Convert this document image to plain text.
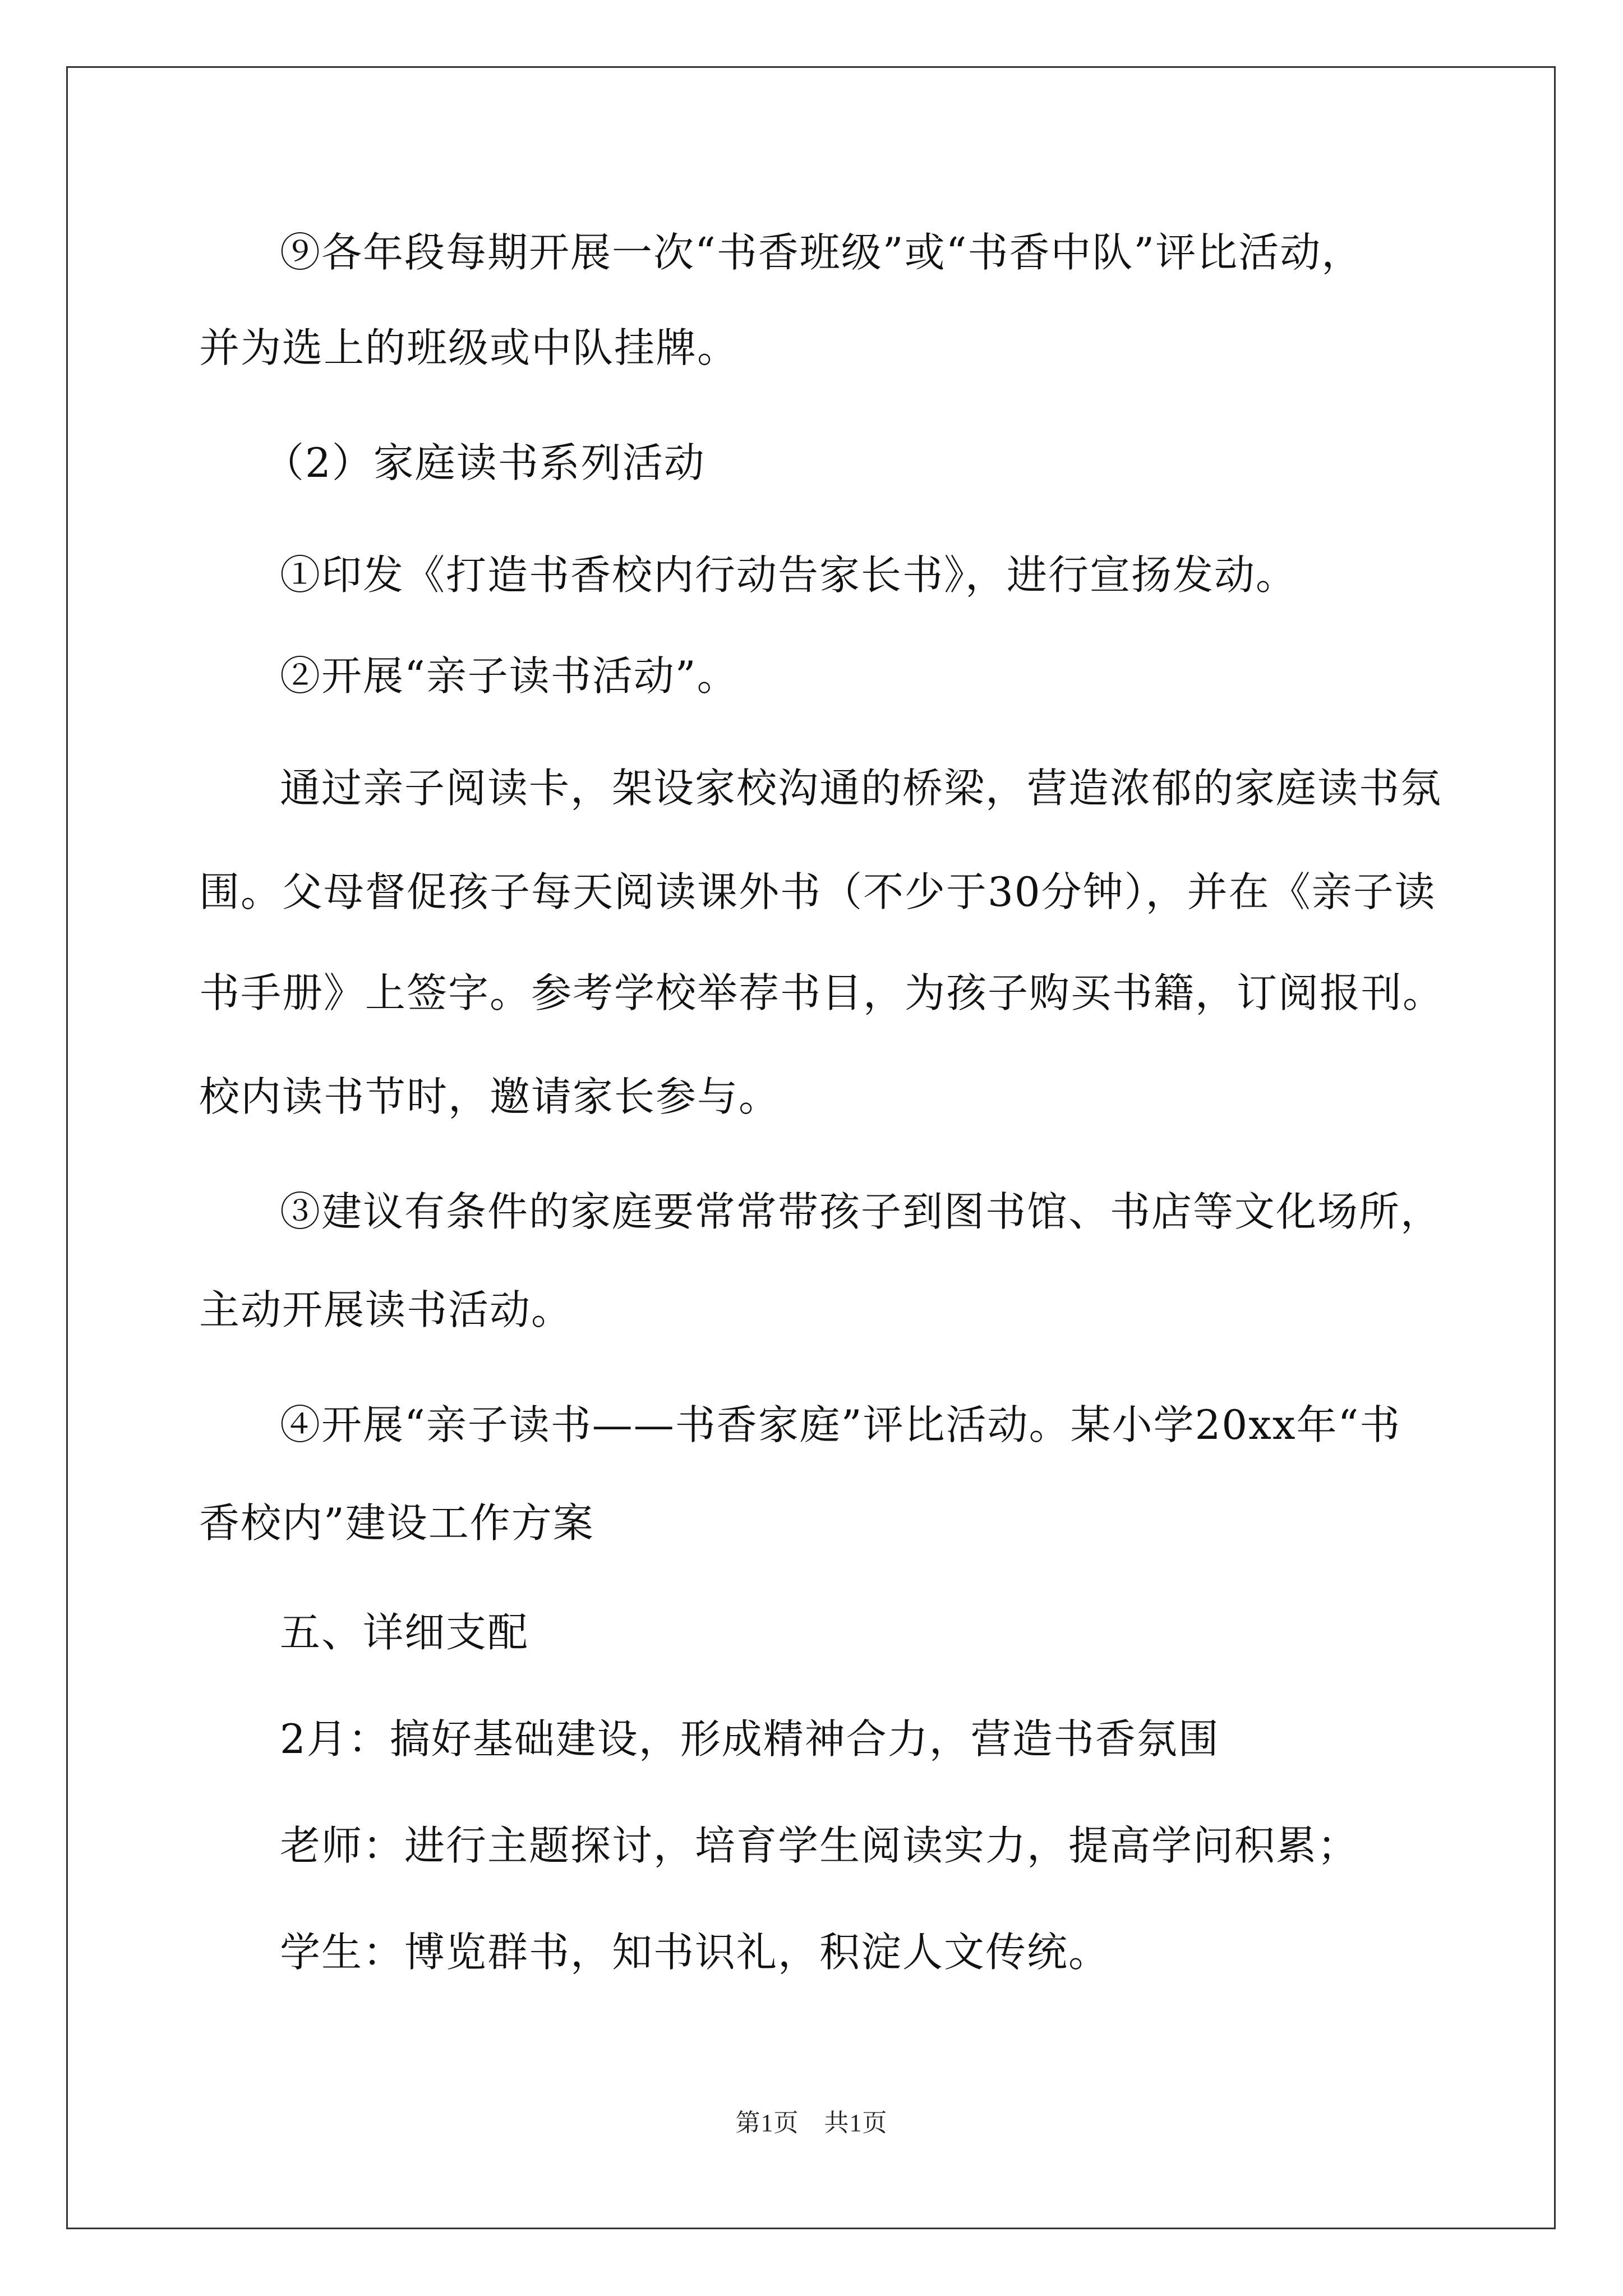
⑨各年段每期开展一次“书香班级”或“书香中队”评比活动，
并为选上的班级或中队挂牌。
（2）家庭读书系列活动
①印发《打造书香校内行动告家长书》，进行宣扬发动。
②开展“亲子读书活动”。
通过亲子阅读卡，架设家校沟通的桥梁，营造浓郁的家庭读书氛
围。父母督促孩子每天阅读课外书（不少于30分钟），并在《亲子读
书手册》上签字。参考学校举荐书目，为孩子购买书籍，订阅报刊。
校内读书节时，邀请家长参与。
③建议有条件的家庭要常常带孩子到图书馆、书店等文化场所，
主动开展读书活动。
④开展“亲子读书——书香家庭”评比活动。某小学20xx年“书
香校内”建设工作方案
五、详细支配
2月：搞好基础建设，形成精神合力，营造书香氛围
老师：进行主题探讨，培育学生阅读实力，提高学问积累；
学生：博览群书，知书识礼，积淀人文传统。
第1页　共1页
